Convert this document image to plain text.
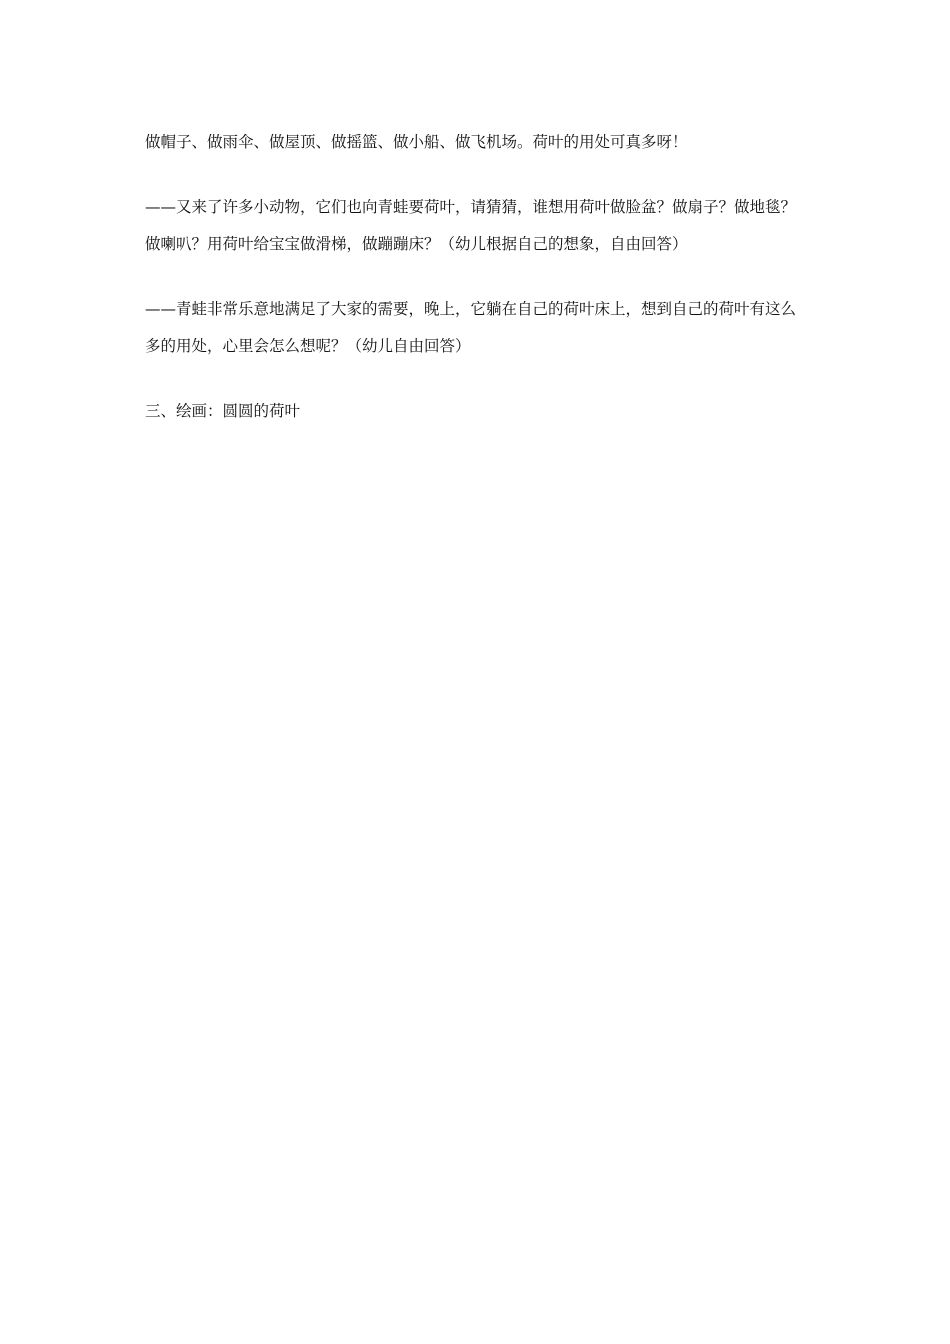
做帽子、做雨伞、做屋顶、做摇篮、做小船、做飞机场。荷叶的用处可真多呀！

——又来了许多小动物，它们也向青蛙要荷叶，请猜猜，谁想用荷叶做脸盆？做扇子？做地毯？做喇叭？用荷叶给宝宝做滑梯，做蹦蹦床？（幼儿根据自己的想象，自由回答）

——青蛙非常乐意地满足了大家的需要，晚上，它躺在自己的荷叶床上，想到自己的荷叶有这么多的用处，心里会怎么想呢？（幼儿自由回答）

三、绘画：圆圆的荷叶
